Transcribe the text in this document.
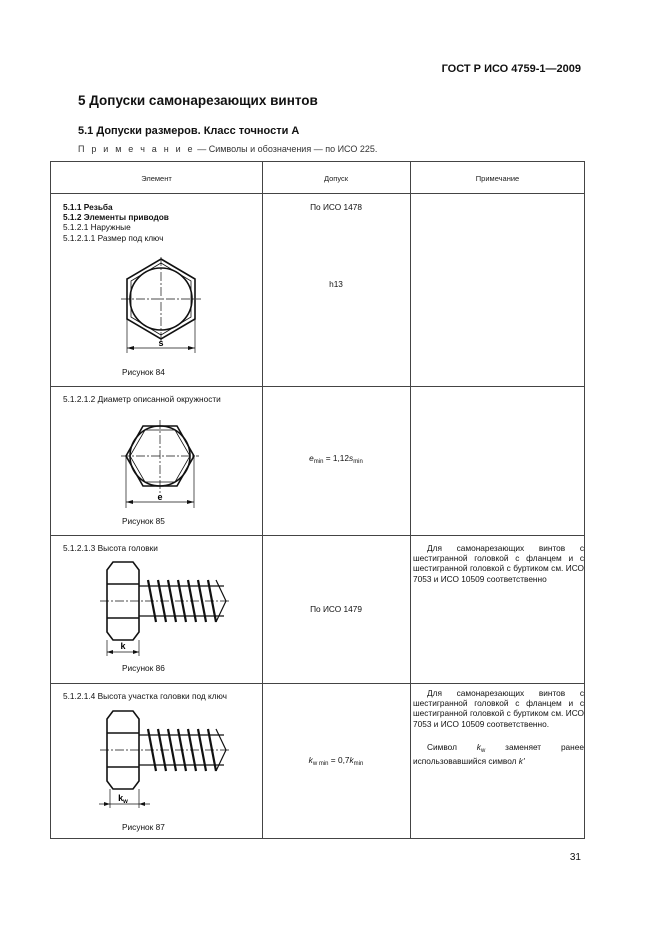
ГОСТ Р ИСО 4759-1—2009
5 Допуски самонарезающих винтов
5.1 Допуски размеров. Класс точности А
П р и м е ч а н и е — Символы и обозначения — по ИСО 225.
Элемент	Допуск	Примечание
5.1.1 Резьба
5.1.2 Элементы приводов
5.1.2.1 Наружные
5.1.2.1.1 Размер под ключ
s
Рисунок 84
По ИСО 1478
h13
5.1.2.1.2 Диаметр описанной окружности
e
Рисунок 85
$e_{min} = 1,12s_{min}$
5.1.2.1.3 Высота головки
k
Рисунок 86
По ИСО 1479
Для самонарезающих винтов с шестигранной головкой с фланцем и с шестигранной головкой с буртиком см. ИСО 7053 и ИСО 10509 соответственно
5.1.2.1.4 Высота участка головки под ключ
$k_w$
Рисунок 87
$k_{w min} = 0,7k_{min}$
Для самонарезающих винтов с шестигранной головкой с фланцем и с шестигранной головкой с буртиком см. ИСО 7053 и ИСО 10509 соответственно.
Символ $k_w$ заменяет ранее использовавшийся символ k'
31
